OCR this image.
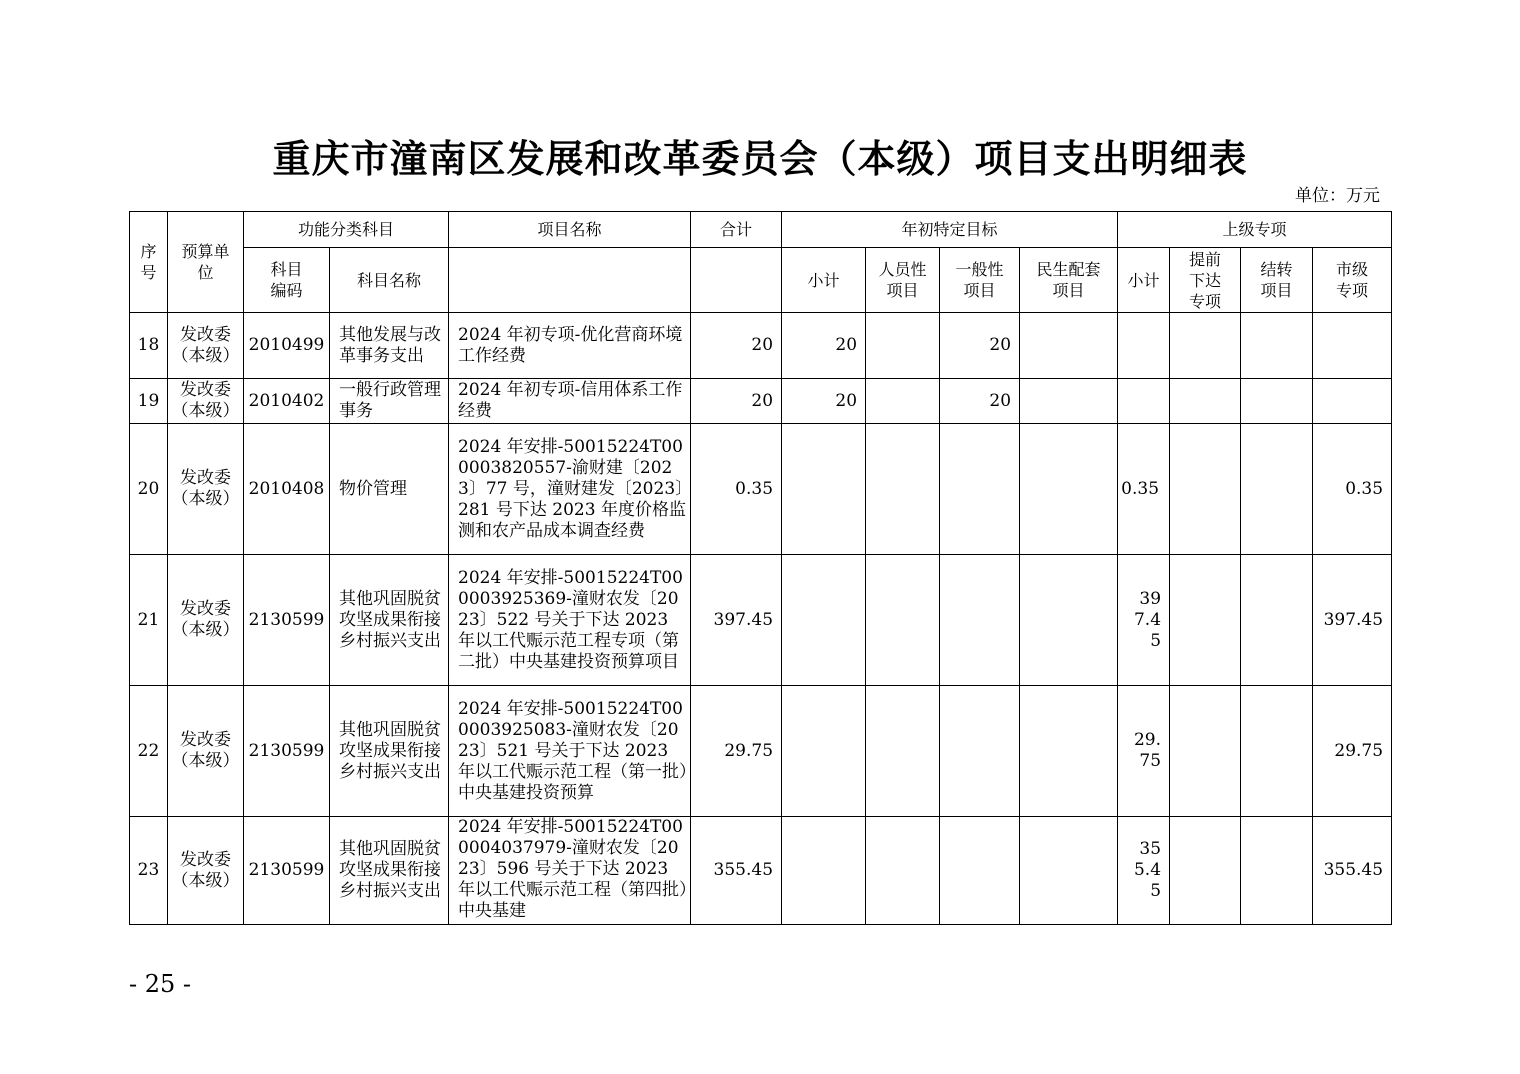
重庆市潼南区发展和改革委员会（本级）项目支出明细表
单位：万元
序号	预算单位	功能分类科目		项目名称	合计	年初特定目标				上级专项			
		科目编码	科目名称			小计	人员性项目	一般性项目	民生配套项目	小计	提前下达专项	结转项目	市级专项
18	发改委（本级）	2010499	其他发展与改革事务支出	2024 年初专项-优化营商环境工作经费	20	20		20					
19	发改委（本级）	2010402	一般行政管理事务	2024 年初专项-信用体系工作经费	20	20		20					
20	发改委（本级）	2010408	物价管理	2024 年安排-50015224T000003820557-渝财建〔2023〕77 号，潼财建发〔2023〕281 号下达 2023 年度价格监测和农产品成本调查经费	0.35					0.35			0.35
21	发改委（本级）	2130599	其他巩固脱贫攻坚成果衔接乡村振兴支出	2024 年安排-50015224T000003925369-潼财农发〔2023〕522 号关于下达 2023 年以工代赈示范工程专项（第二批）中央基建投资预算项目	397.45					397.45			397.45
22	发改委（本级）	2130599	其他巩固脱贫攻坚成果衔接乡村振兴支出	2024 年安排-50015224T000003925083-潼财农发〔2023〕521 号关于下达 2023 年以工代赈示范工程（第一批）中央基建投资预算	29.75					29.75			29.75
23	发改委（本级）	2130599	其他巩固脱贫攻坚成果衔接乡村振兴支出	2024 年安排-50015224T000004037979-潼财农发〔2023〕596 号关于下达 2023 年以工代赈示范工程（第四批）中央基建	355.45					355.45			355.45
- 25 -
